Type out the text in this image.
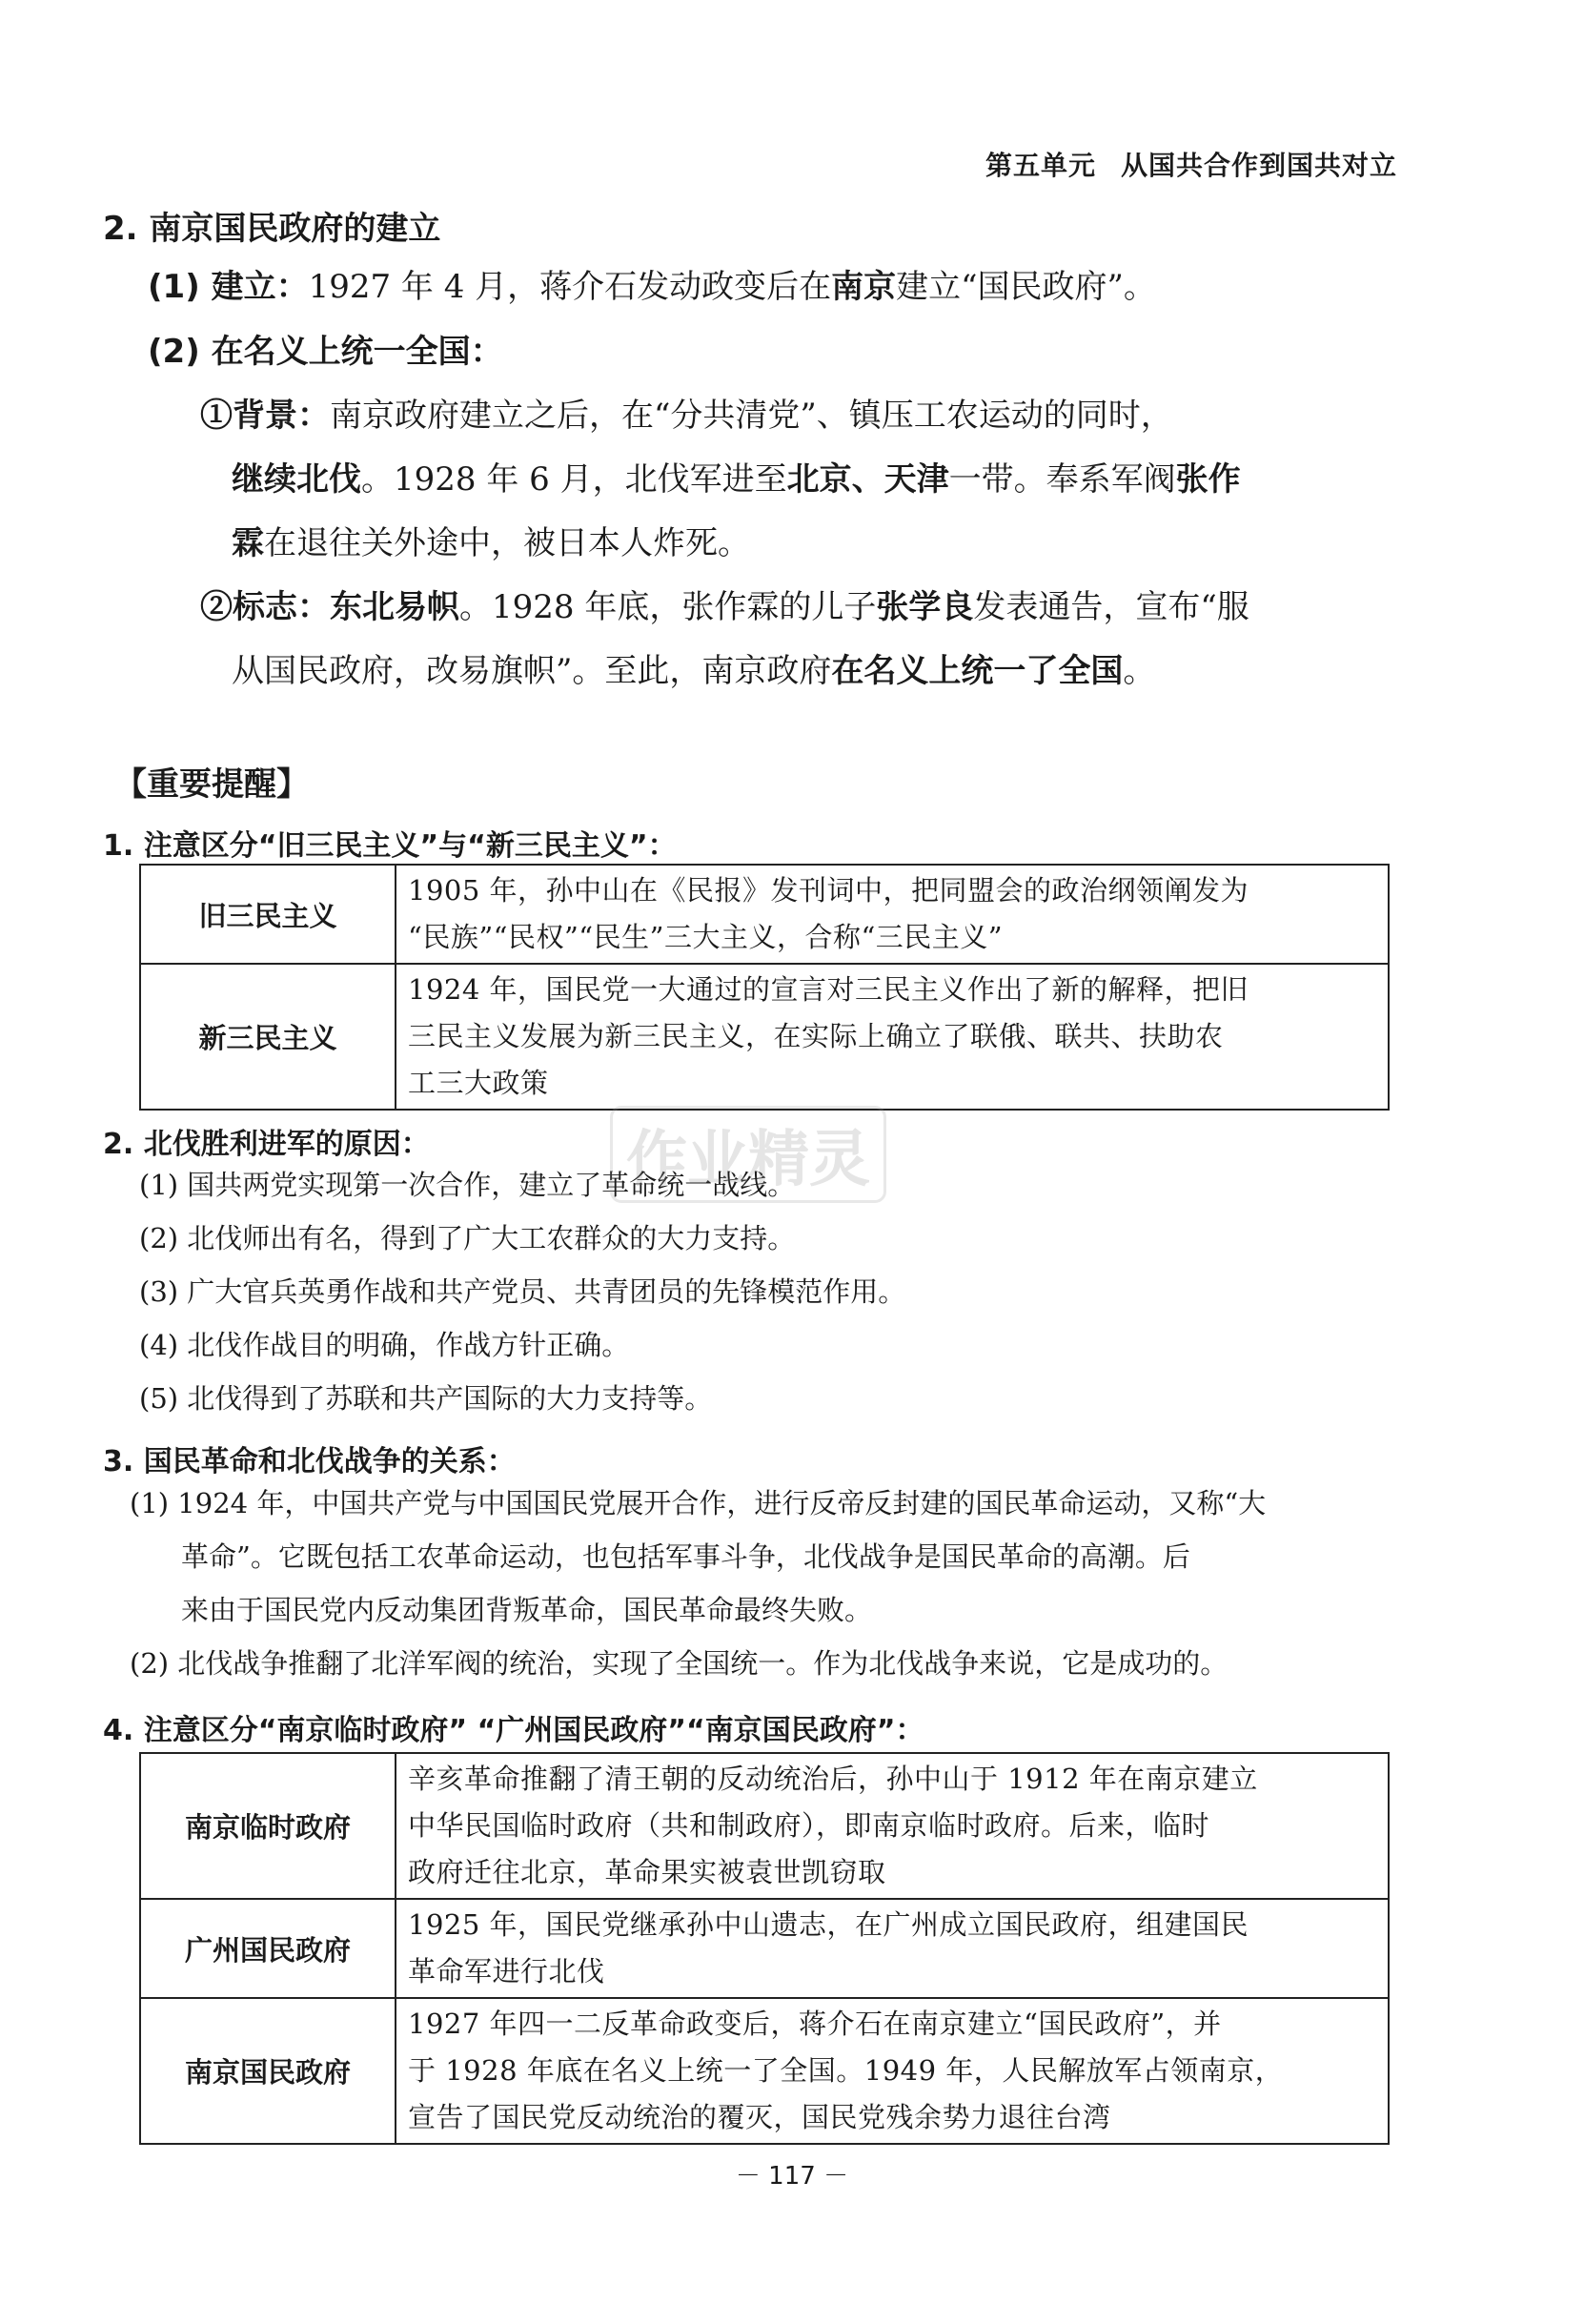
第五单元 从国共合作到国共对立
2. 南京国民政府的建立
(1) 建立：1927 年 4 月，蒋介石发动政变后在南京建立“国民政府”。
(2) 在名义上统一全国：
①背景：南京政府建立之后，在“分共清党”、镇压工农运动的同时，
继续北伐。1928 年 6 月，北伐军进至北京、天津一带。奉系军阀张作
霖在退往关外途中，被日本人炸死。
②标志：东北易帜。1928 年底，张作霖的儿子张学良发表通告，宣布“服
从国民政府，改易旗帜”。至此，南京政府在名义上统一了全国。
【重要提醒】
1. 注意区分“旧三民主义”与“新三民主义”：
旧三民主义	1905 年，孙中山在《民报》发刊词中，把同盟会的政治纲领阐发为
“民族”“民权”“民生”三大主义，合称“三民主义”

新三民主义	1924 年，国民党一大通过的宣言对三民主义作出了新的解释，把旧
三民主义发展为新三民主义，在实际上确立了联俄、联共、扶助农
工三大政策
2. 北伐胜利进军的原因：
(1) 国共两党实现第一次合作，建立了革命统一战线。
(2) 北伐师出有名，得到了广大工农群众的大力支持。
(3) 广大官兵英勇作战和共产党员、共青团员的先锋模范作用。
(4) 北伐作战目的明确，作战方针正确。
(5) 北伐得到了苏联和共产国际的大力支持等。
3. 国民革命和北伐战争的关系：
(1) 1924 年，中国共产党与中国国民党展开合作，进行反帝反封建的国民革命运动，又称“大
革命”。它既包括工农革命运动，也包括军事斗争，北伐战争是国民革命的高潮。后
来由于国民党内反动集团背叛革命，国民革命最终失败。
(2) 北伐战争推翻了北洋军阀的统治，实现了全国统一。作为北伐战争来说，它是成功的。
4. 注意区分“南京临时政府” “广州国民政府”“南京国民政府”：
南京临时政府	辛亥革命推翻了清王朝的反动统治后，孙中山于 1912 年在南京建立
中华民国临时政府（共和制政府），即南京临时政府。后来，临时
政府迁往北京，革命果实被袁世凯窃取

广州国民政府	1925 年，国民党继承孙中山遗志，在广州成立国民政府，组建国民
革命军进行北伐

南京国民政府	1927 年四一二反革命政变后，蒋介石在南京建立“国民政府”，并
于 1928 年底在名义上统一了全国。1949 年，人民解放军占领南京，
宣告了国民党反动统治的覆灭，国民党残余势力退往台湾
－ 117 －
作业精灵
